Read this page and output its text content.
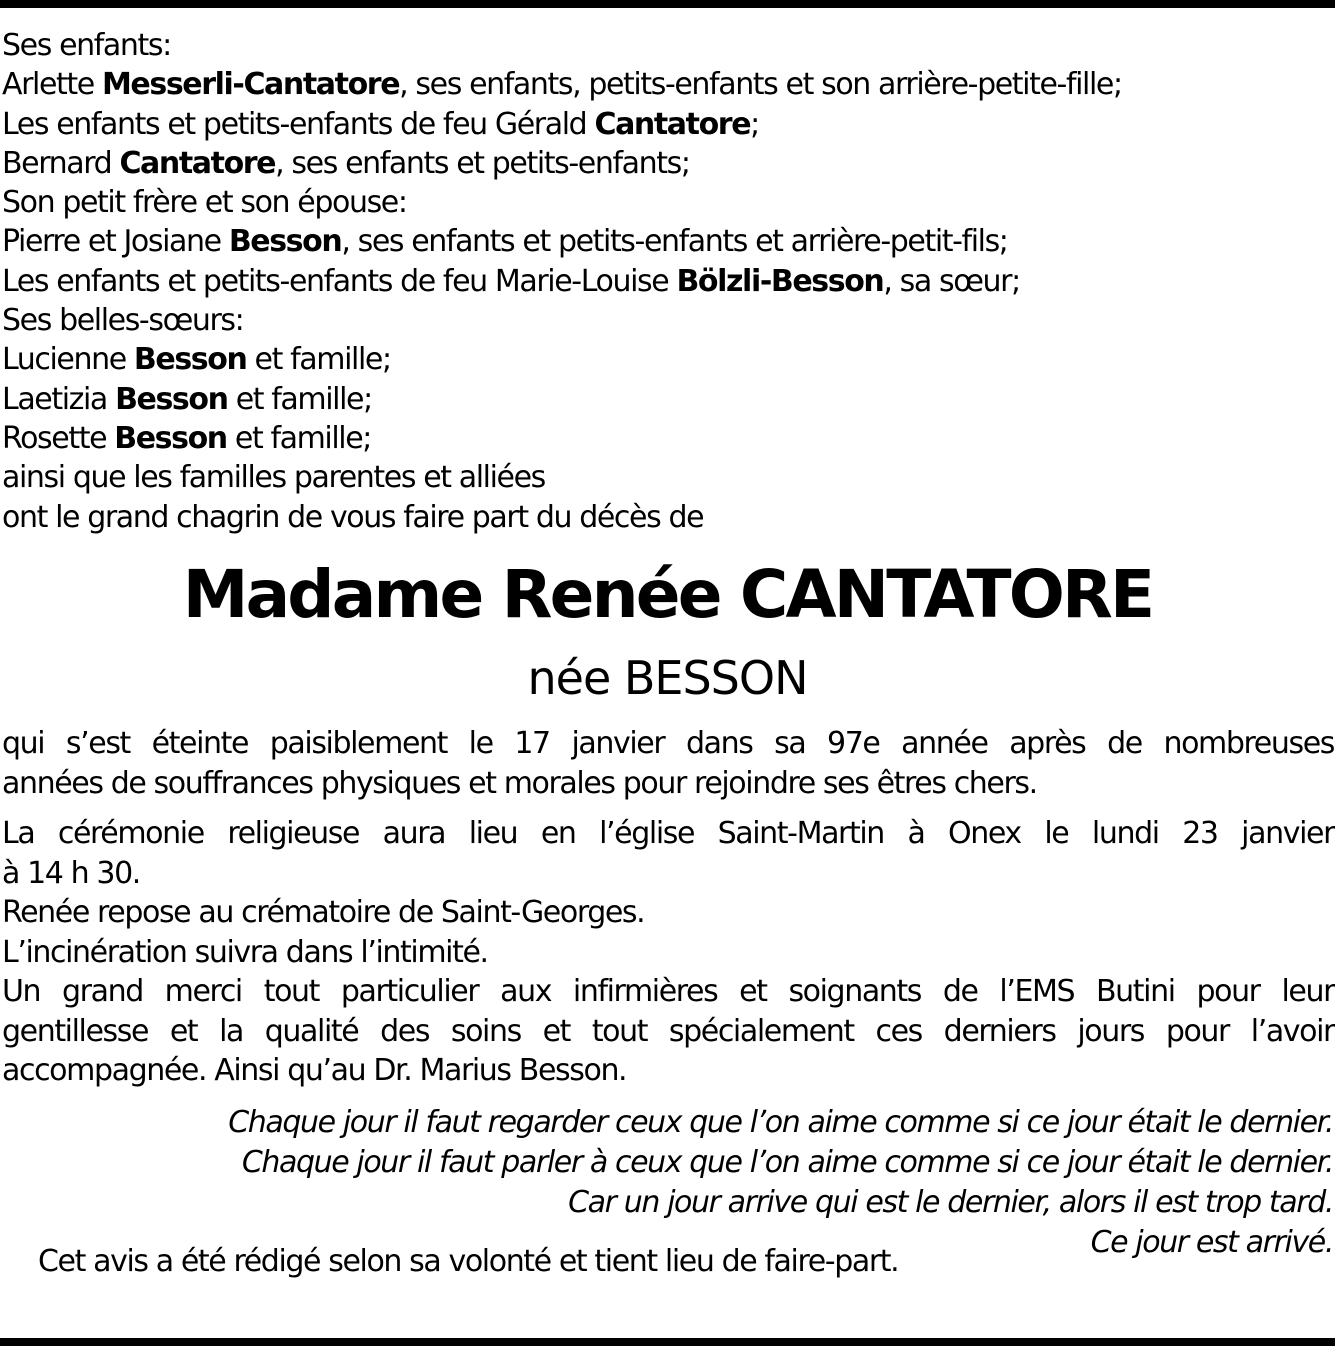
Ses enfants:
Arlette Messerli-Cantatore, ses enfants, petits-enfants et son arrière-petite-fille;
Les enfants et petits-enfants de feu Gérald Cantatore;
Bernard Cantatore, ses enfants et petits-enfants;
Son petit frère et son épouse:
Pierre et Josiane Besson, ses enfants et petits-enfants et arrière-petit-fils;
Les enfants et petits-enfants de feu Marie-Louise Bölzli-Besson, sa sœur;
Ses belles-sœurs:
Lucienne Besson et famille;
Laetizia Besson et famille;
Rosette Besson et famille;
ainsi que les familles parentes et alliées
ont le grand chagrin de vous faire part du décès de
Madame Renée CANTATORE
née BESSON
qui s’est éteinte paisiblement le 17 janvier dans sa 97e année après de nombreuses
années de souffrances physiques et morales pour rejoindre ses êtres chers.
La cérémonie religieuse aura lieu en l’église Saint-Martin à Onex le lundi 23 janvier
à 14 h 30.
Renée repose au crématoire de Saint-Georges.
L’incinération suivra dans l’intimité.
Un grand merci tout particulier aux infirmières et soignants de l’EMS Butini pour leur
gentillesse et la qualité des soins et tout spécialement ces derniers jours pour l’avoir
accompagnée. Ainsi qu’au Dr. Marius Besson.
Chaque jour il faut regarder ceux que l’on aime comme si ce jour était le dernier.
Chaque jour il faut parler à ceux que l’on aime comme si ce jour était le dernier.
Car un jour arrive qui est le dernier, alors il est trop tard.
Ce jour est arrivé.
Cet avis a été rédigé selon sa volonté et tient lieu de faire-part.
